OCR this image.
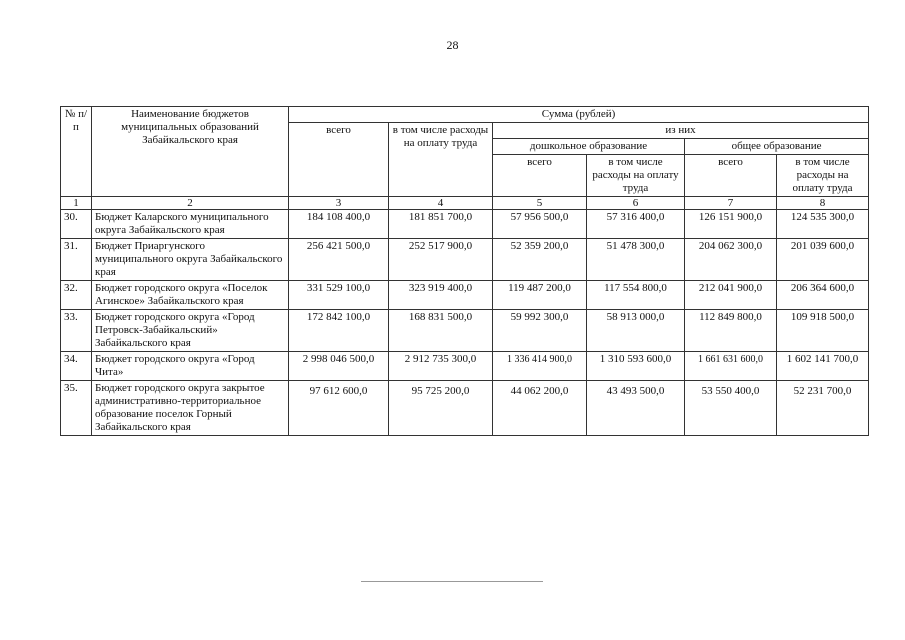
28
№ п/п	Наименование бюджетов муниципальных образований Забайкальского края	Сумма (рублей)					
		всего	в том числе расходы на оплату труда	из них			
				дошкольное образование		общее образование	
				всего	в том числе расходы на оплату труда	всего	в том числе расходы на оплату труда
1	2	3	4	5	6	7	8
30.	Бюджет Каларского муниципального округа Забайкальского края	184 108 400,0	181 851 700,0	57 956 500,0	57 316 400,0	126 151 900,0	124 535 300,0
31.	Бюджет Приаргунского муниципального округа Забайкальского края	256 421 500,0	252 517 900,0	52 359 200,0	51 478 300,0	204 062 300,0	201 039 600,0
32.	Бюджет городского округа «Поселок Агинское» Забайкальского края	331 529 100,0	323 919 400,0	119 487 200,0	117 554 800,0	212 041 900,0	206 364 600,0
33.	Бюджет городского округа «Город Петровск-Забайкальский» Забайкальского края	172 842 100,0	168 831 500,0	59 992 300,0	58 913 000,0	112 849 800,0	109 918 500,0
34.	Бюджет городского округа «Город Чита»	2 998 046 500,0	2 912 735 300,0	1 336 414 900,0	1 310 593 600,0	1 661 631 600,0	1 602 141 700,0
35.	Бюджет городского округа закрытое административно-территориальное образование поселок Горный Забайкальского края	97 612 600,0	95 725 200,0	44 062 200,0	43 493 500,0	53 550 400,0	52 231 700,0
